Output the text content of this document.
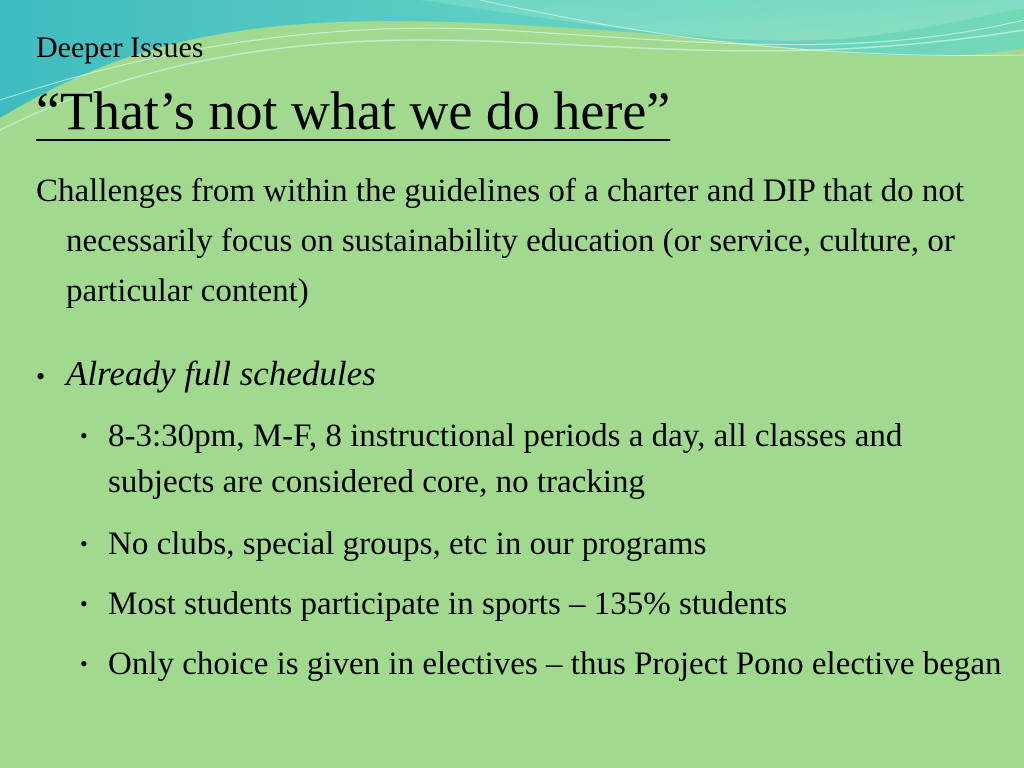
Deeper Issues
“That’s not what we do here”
Challenges from within the guidelines of a charter and DIP that do not necessarily focus on sustainability education (or service, culture, or particular content)
• Already full schedules
• 8-3:30pm, M-F, 8 instructional periods a day, all classes and subjects are considered core, no tracking
• No clubs, special groups, etc in our programs
• Most students participate in sports – 135% students
• Only choice is given in electives – thus Project Pono elective began
